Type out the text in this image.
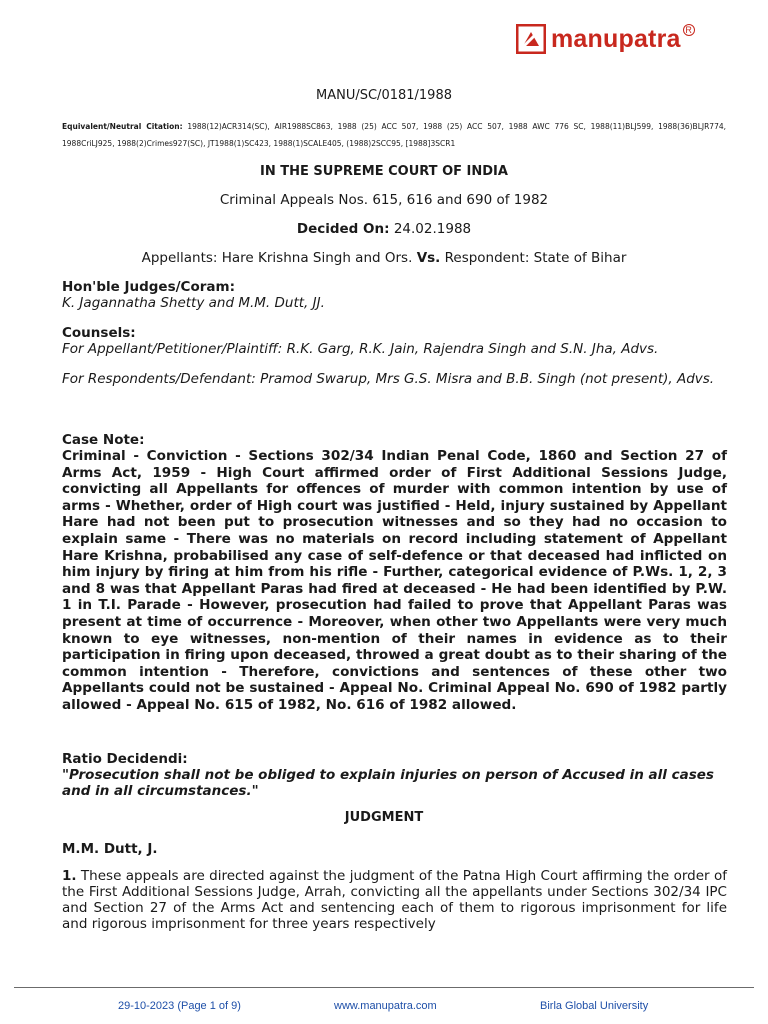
manupatra R
MANU/SC/0181/1988
Equivalent/Neutral Citation: 1988(12)ACR314(SC), AIR1988SC863, 1988 (25) ACC 507, 1988 (25) ACC 507, 1988 AWC 776 SC, 1988(11)BLJ599, 1988(36)BLJR774, 1988CriLJ925, 1988(2)Crimes927(SC), JT1988(1)SC423, 1988(1)SCALE405, (1988)2SCC95, [1988]3SCR1
IN THE SUPREME COURT OF INDIA
Criminal Appeals Nos. 615, 616 and 690 of 1982
Decided On: 24.02.1988
Appellants: Hare Krishna Singh and Ors. Vs. Respondent: State of Bihar
Hon'ble Judges/Coram:
K. Jagannatha Shetty and M.M. Dutt, JJ.
Counsels:
For Appellant/Petitioner/Plaintiff: R.K. Garg, R.K. Jain, Rajendra Singh and S.N. Jha, Advs.
For Respondents/Defendant: Pramod Swarup, Mrs G.S. Misra and B.B. Singh (not present), Advs.
Case Note:
Criminal - Conviction - Sections 302/34 Indian Penal Code, 1860 and Section 27 of Arms Act, 1959 - High Court affirmed order of First Additional Sessions Judge, convicting all Appellants for offences of murder with common intention by use of arms - Whether, order of High court was justified - Held, injury sustained by Appellant Hare had not been put to prosecution witnesses and so they had no occasion to explain same - There was no materials on record including statement of Appellant Hare Krishna, probabilised any case of self-defence or that deceased had inflicted on him injury by firing at him from his rifle - Further, categorical evidence of P.Ws. 1, 2, 3 and 8 was that Appellant Paras had fired at deceased - He had been identified by P.W. 1 in T.I. Parade - However, prosecution had failed to prove that Appellant Paras was present at time of occurrence - Moreover, when other two Appellants were very much known to eye witnesses, non-mention of their names in evidence as to their participation in firing upon deceased, throwed a great doubt as to their sharing of the common intention - Therefore, convictions and sentences of these other two Appellants could not be sustained - Appeal No. Criminal Appeal No. 690 of 1982 partly allowed - Appeal No. 615 of 1982, No. 616 of 1982 allowed.
Ratio Decidendi:
"Prosecution shall not be obliged to explain injuries on person of Accused in all cases and in all circumstances."
JUDGMENT
M.M. Dutt, J.
1. These appeals are directed against the judgment of the Patna High Court affirming the order of the First Additional Sessions Judge, Arrah, convicting all the appellants under Sections 302/34 IPC and Section 27 of the Arms Act and sentencing each of them to rigorous imprisonment for life and rigorous imprisonment for three years respectively
29-10-2023 (Page 1 of 9)	www.manupatra.com	Birla Global University
